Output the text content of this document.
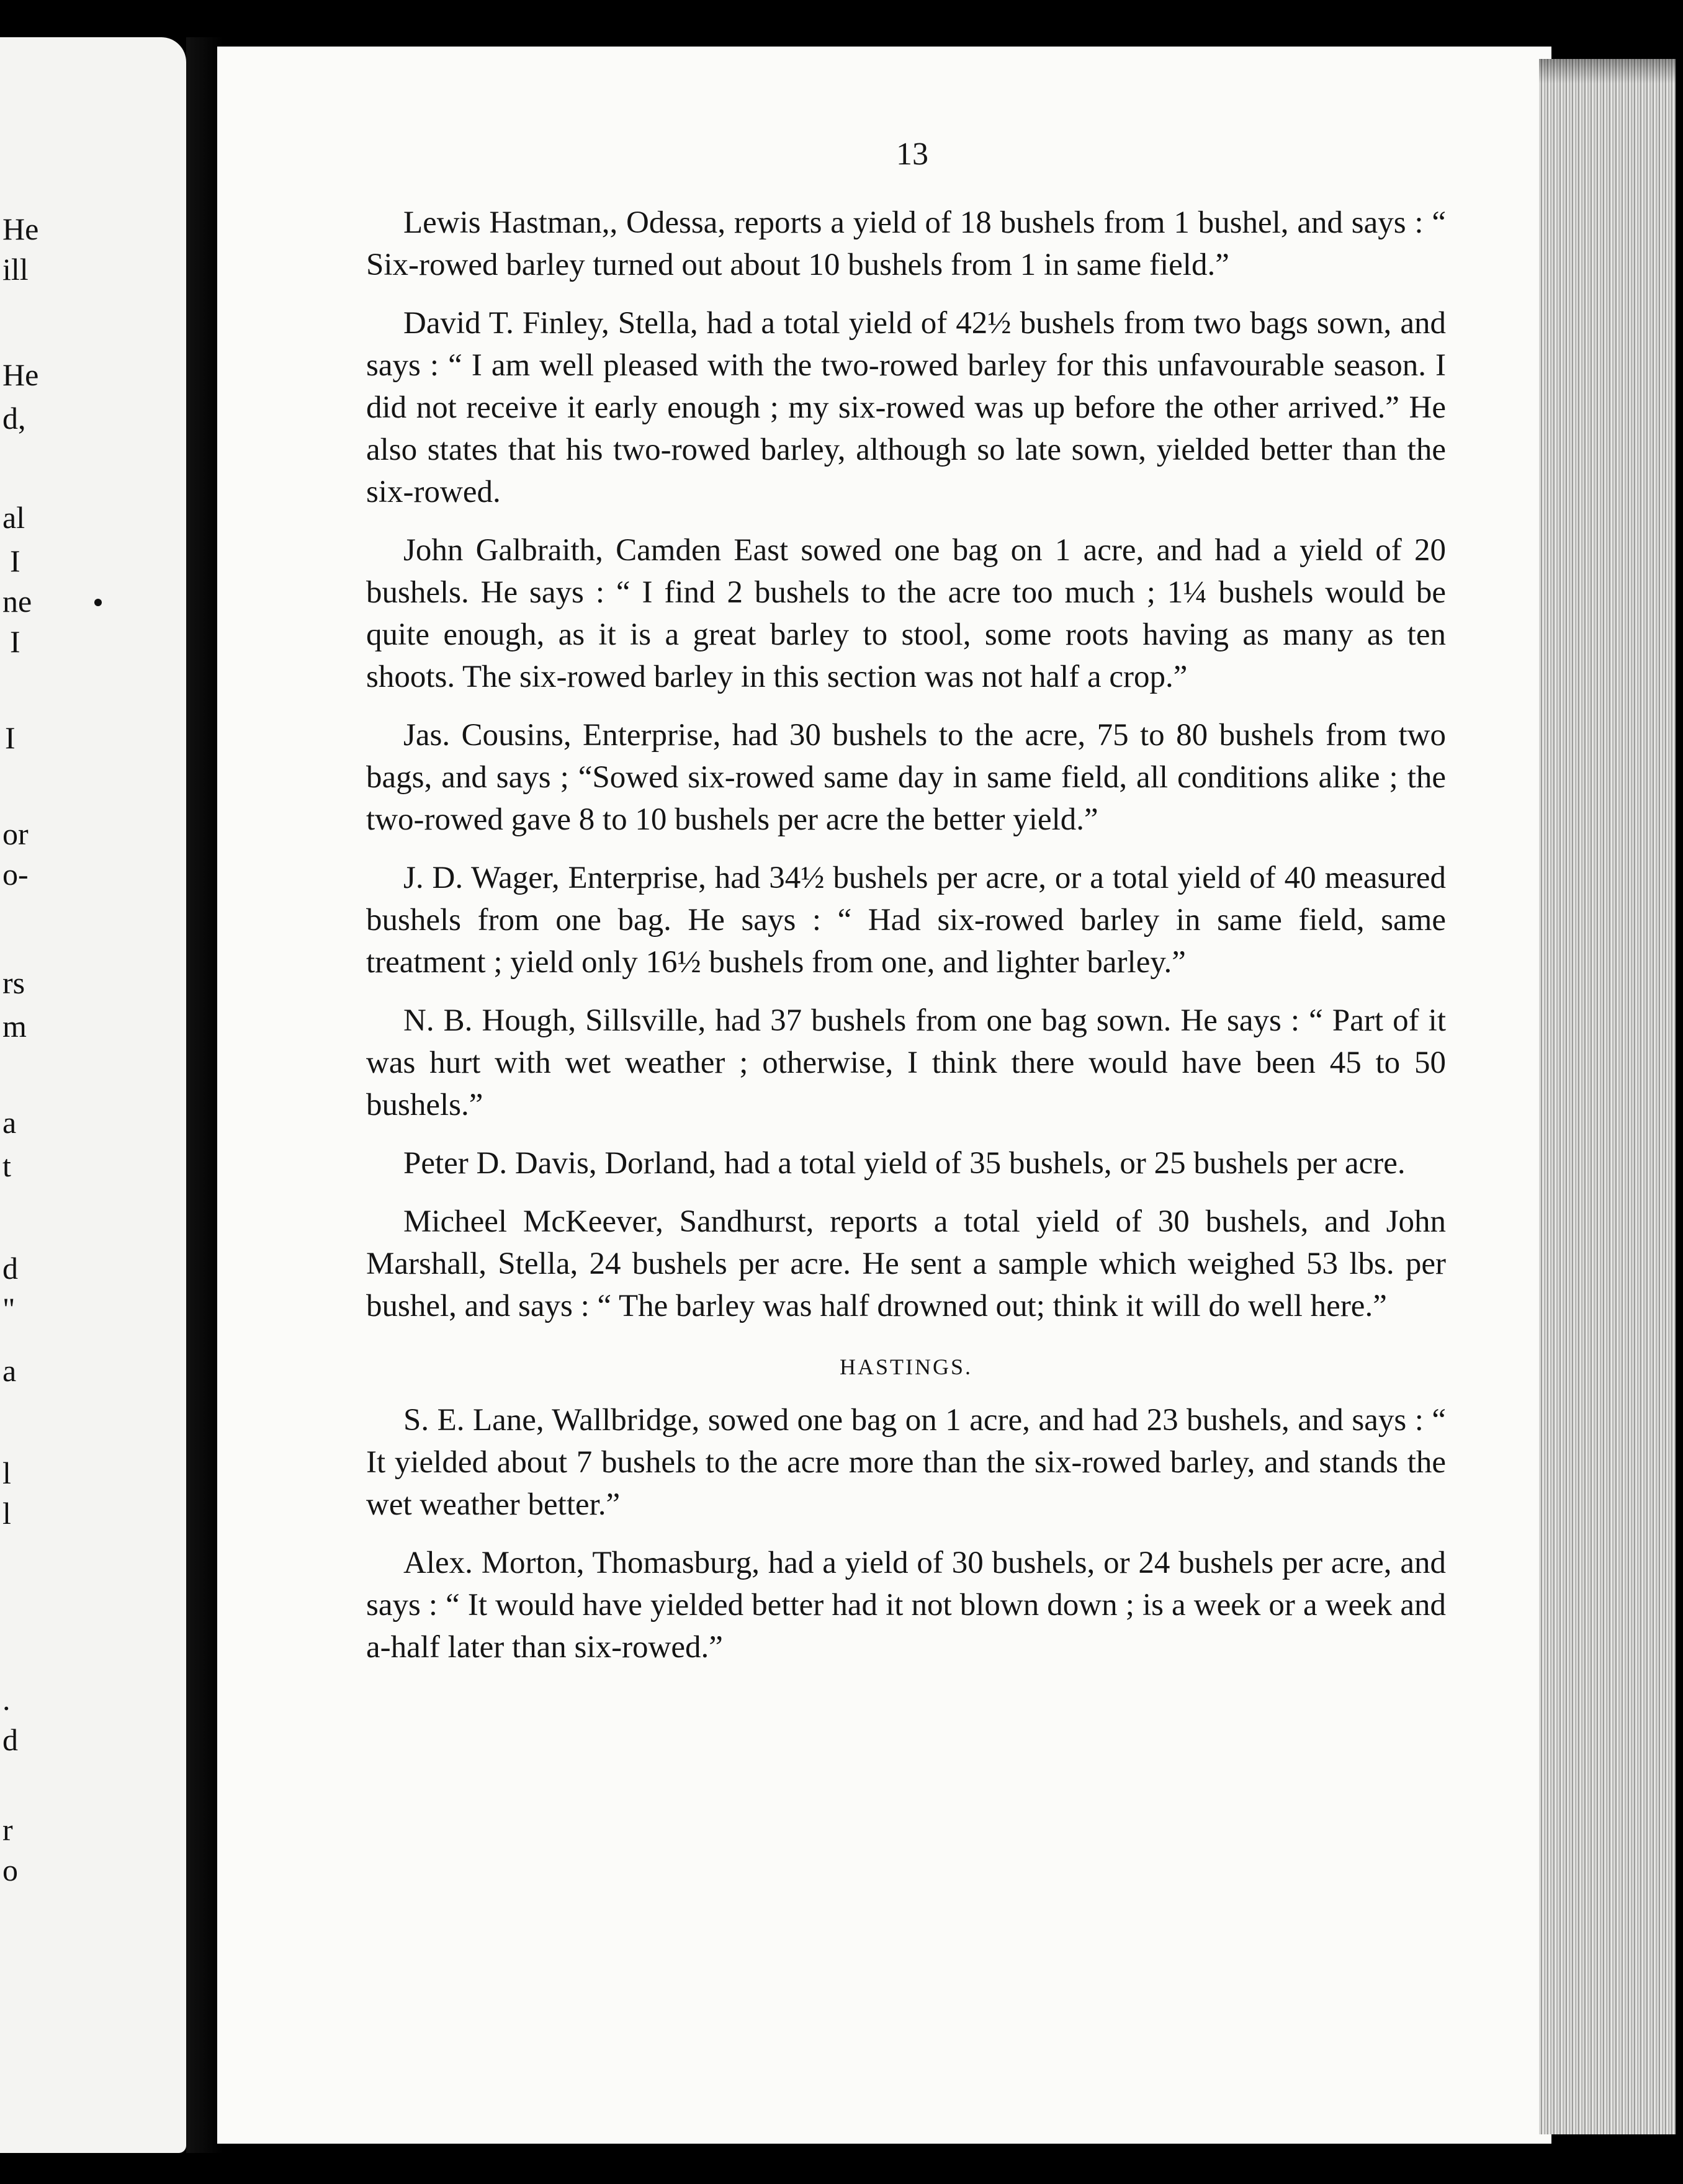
He
ill
He
d,
al
I
ne
I
I
or
o-
rs
m
a
t
d
"
a
l
l
.
d
r
o
13

Lewis Hastman,, Odessa, reports a yield of 18 bushels from 1 bushel, and says : “ Six-rowed barley turned out about 10 bushels from 1 in same field.”

David T. Finley, Stella, had a total yield of 42½ bushels from two bags sown, and says : “ I am well pleased with the two-rowed barley for this unfavourable season. I did not receive it early enough ; my six-rowed was up before the other arrived.” He also states that his two-rowed barley, although so late sown, yielded better than the six-rowed.

John Galbraith, Camden East sowed one bag on 1 acre, and had a yield of 20 bushels. He says : “ I find 2 bushels to the acre too much ; 1¼ bushels would be quite enough, as it is a great barley to stool, some roots having as many as ten shoots. The six-rowed barley in this section was not half a crop.”

Jas. Cousins, Enterprise, had 30 bushels to the acre, 75 to 80 bushels from two bags, and says ; “Sowed six-rowed same day in same field, all conditions alike ; the two-rowed gave 8 to 10 bushels per acre the better yield.”

J. D. Wager, Enterprise, had 34½ bushels per acre, or a total yield of 40 measured bushels from one bag. He says : “ Had six-rowed barley in same field, same treatment ; yield only 16½ bushels from one, and lighter barley.”

N. B. Hough, Sillsville, had 37 bushels from one bag sown. He says : “ Part of it was hurt with wet weather ; otherwise, I think there would have been 45 to 50 bushels.”

Peter D. Davis, Dorland, had a total yield of 35 bushels, or 25 bushels per acre.

Micheel McKeever, Sandhurst, reports a total yield of 30 bushels, and John Marshall, Stella, 24 bushels per acre. He sent a sample which weighed 53 lbs. per bushel, and says : “ The barley was half drowned out; think it will do well here.”

HASTINGS.

S. E. Lane, Wallbridge, sowed one bag on 1 acre, and had 23 bushels, and says : “ It yielded about 7 bushels to the acre more than the six-rowed barley, and stands the wet weather better.”

Alex. Morton, Thomasburg, had a yield of 30 bushels, or 24 bushels per acre, and says : “ It would have yielded better had it not blown down ; is a week or a week and a-half later than six-rowed.”
